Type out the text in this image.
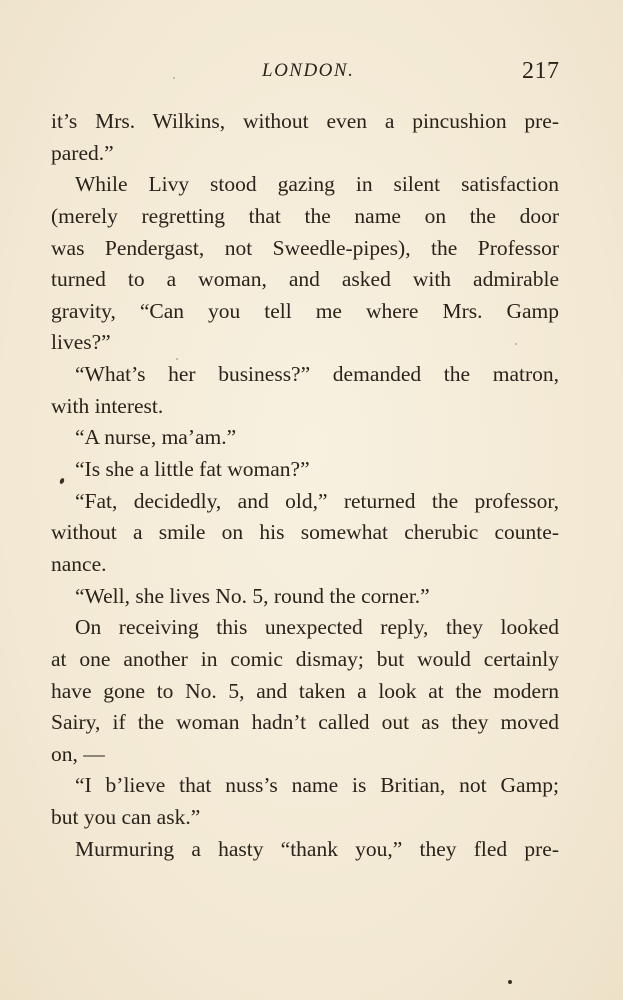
LONDON.	217
it’s Mrs. Wilkins, without even a pincushion pre-
pared.”
While Livy stood gazing in silent satisfaction
(merely regretting that the name on the door
was Pendergast, not Sweedle-pipes), the Professor
turned to a woman, and asked with admirable
gravity, “Can you tell me where Mrs. Gamp
lives?”
“What’s her business?” demanded the matron,
with interest.
“A nurse, ma’am.”
“Is she a little fat woman?”
“Fat, decidedly, and old,” returned the professor,
without a smile on his somewhat cherubic counte-
nance.
“Well, she lives No. 5, round the corner.”
On receiving this unexpected reply, they looked
at one another in comic dismay; but would certainly
have gone to No. 5, and taken a look at the modern
Sairy, if the woman hadn’t called out as they moved
on, —
“I b’lieve that nuss’s name is Britian, not Gamp;
but you can ask.”
Murmuring a hasty “thank you,” they fled pre-
